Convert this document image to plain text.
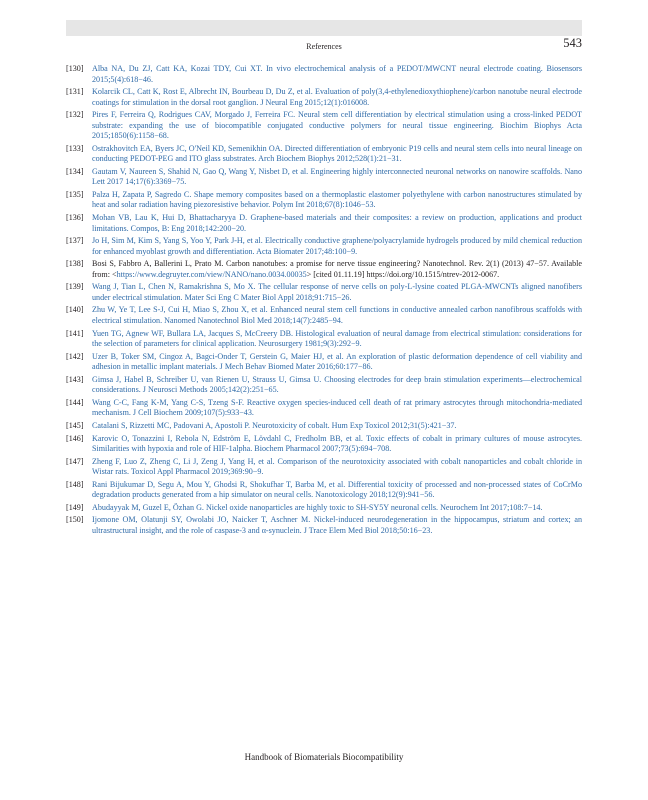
References	543
[130] Alba NA, Du ZJ, Catt KA, Kozai TDY, Cui XT. In vivo electrochemical analysis of a PEDOT/MWCNT neural electrode coating. Biosensors 2015;5(4):618−46.
[131] Kolarcik CL, Catt K, Rost E, Albrecht IN, Bourbeau D, Du Z, et al. Evaluation of poly(3,4-ethylenedioxythiophene)/carbon nanotube neural electrode coatings for stimulation in the dorsal root ganglion. J Neural Eng 2015;12(1):016008.
[132] Pires F, Ferreira Q, Rodrigues CAV, Morgado J, Ferreira FC. Neural stem cell differentiation by electrical stimulation using a cross-linked PEDOT substrate: expanding the use of biocompatible conjugated conductive polymers for neural tissue engineering. Biochim Biophys Acta 2015;1850(6):1158−68.
[133] Ostrakhovitch EA, Byers JC, O'Neil KD, Semenikhin OA. Directed differentiation of embryonic P19 cells and neural stem cells into neural lineage on conducting PEDOT-PEG and ITO glass substrates. Arch Biochem Biophys 2012;528(1):21−31.
[134] Gautam V, Naureen S, Shahid N, Gao Q, Wang Y, Nisbet D, et al. Engineering highly interconnected neuronal networks on nanowire scaffolds. Nano Lett 2017 14;17(6):3369−75.
[135] Palza H, Zapata P, Sagredo C. Shape memory composites based on a thermoplastic elastomer polyethylene with carbon nanostructures stimulated by heat and solar radiation having piezoresistive behavior. Polym Int 2018;67(8):1046−53.
[136] Mohan VB, Lau K, Hui D, Bhattacharyya D. Graphene-based materials and their composites: a review on production, applications and product limitations. Compos, B: Eng 2018;142:200−20.
[137] Jo H, Sim M, Kim S, Yang S, Yoo Y, Park J-H, et al. Electrically conductive graphene/polyacrylamide hydrogels produced by mild chemical reduction for enhanced myoblast growth and differentiation. Acta Biomater 2017;48:100−9.
[138] Bosi S, Fabbro A, Ballerini L, Prato M. Carbon nanotubes: a promise for nerve tissue engineering? Nanotechnol. Rev. 2(1) (2013) 47−57. Available from: <https://www.degruyter.com/view/NANO/nano.0034.00035> [cited 01.11.19] https://doi.org/10.1515/ntrev-2012-0067.
[139] Wang J, Tian L, Chen N, Ramakrishna S, Mo X. The cellular response of nerve cells on poly-L-lysine coated PLGA-MWCNTs aligned nanofibers under electrical stimulation. Mater Sci Eng C Mater Biol Appl 2018;91:715−26.
[140] Zhu W, Ye T, Lee S-J, Cui H, Miao S, Zhou X, et al. Enhanced neural stem cell functions in conductive annealed carbon nanofibrous scaffolds with electrical stimulation. Nanomed Nanotechnol Biol Med 2018;14(7):2485−94.
[141] Yuen TG, Agnew WF, Bullara LA, Jacques S, McCreery DB. Histological evaluation of neural damage from electrical stimulation: considerations for the selection of parameters for clinical application. Neurosurgery 1981;9(3):292−9.
[142] Uzer B, Toker SM, Cingoz A, Bagci-Onder T, Gerstein G, Maier HJ, et al. An exploration of plastic deformation dependence of cell viability and adhesion in metallic implant materials. J Mech Behav Biomed Mater 2016;60:177−86.
[143] Gimsa J, Habel B, Schreiber U, van Rienen U, Strauss U, Gimsa U. Choosing electrodes for deep brain stimulation experiments—electrochemical considerations. J Neurosci Methods 2005;142(2):251−65.
[144] Wang C-C, Fang K-M, Yang C-S, Tzeng S-F. Reactive oxygen species-induced cell death of rat primary astrocytes through mitochondria-mediated mechanism. J Cell Biochem 2009;107(5):933−43.
[145] Catalani S, Rizzetti MC, Padovani A, Apostoli P. Neurotoxicity of cobalt. Hum Exp Toxicol 2012;31(5):421−37.
[146] Karovic O, Tonazzini I, Rebola N, Edström E, Lövdahl C, Fredholm BB, et al. Toxic effects of cobalt in primary cultures of mouse astrocytes. Similarities with hypoxia and role of HIF-1alpha. Biochem Pharmacol 2007;73(5):694−708.
[147] Zheng F, Luo Z, Zheng C, Li J, Zeng J, Yang H, et al. Comparison of the neurotoxicity associated with cobalt nanoparticles and cobalt chloride in Wistar rats. Toxicol Appl Pharmacol 2019;369:90−9.
[148] Rani Bijukumar D, Segu A, Mou Y, Ghodsi R, Shokufhar T, Barba M, et al. Differential toxicity of processed and non-processed states of CoCrMo degradation products generated from a hip simulator on neural cells. Nanotoxicology 2018;12(9):941−56.
[149] Abudayyak M, Guzel E, Özhan G. Nickel oxide nanoparticles are highly toxic to SH-SY5Y neuronal cells. Neurochem Int 2017;108:7−14.
[150] Ijomone OM, Olatunji SY, Owolabi JO, Naicker T, Aschner M. Nickel-induced neurodegeneration in the hippocampus, striatum and cortex; an ultrastructural insight, and the role of caspase-3 and α-synuclein. J Trace Elem Med Biol 2018;50:16−23.
Handbook of Biomaterials Biocompatibility
